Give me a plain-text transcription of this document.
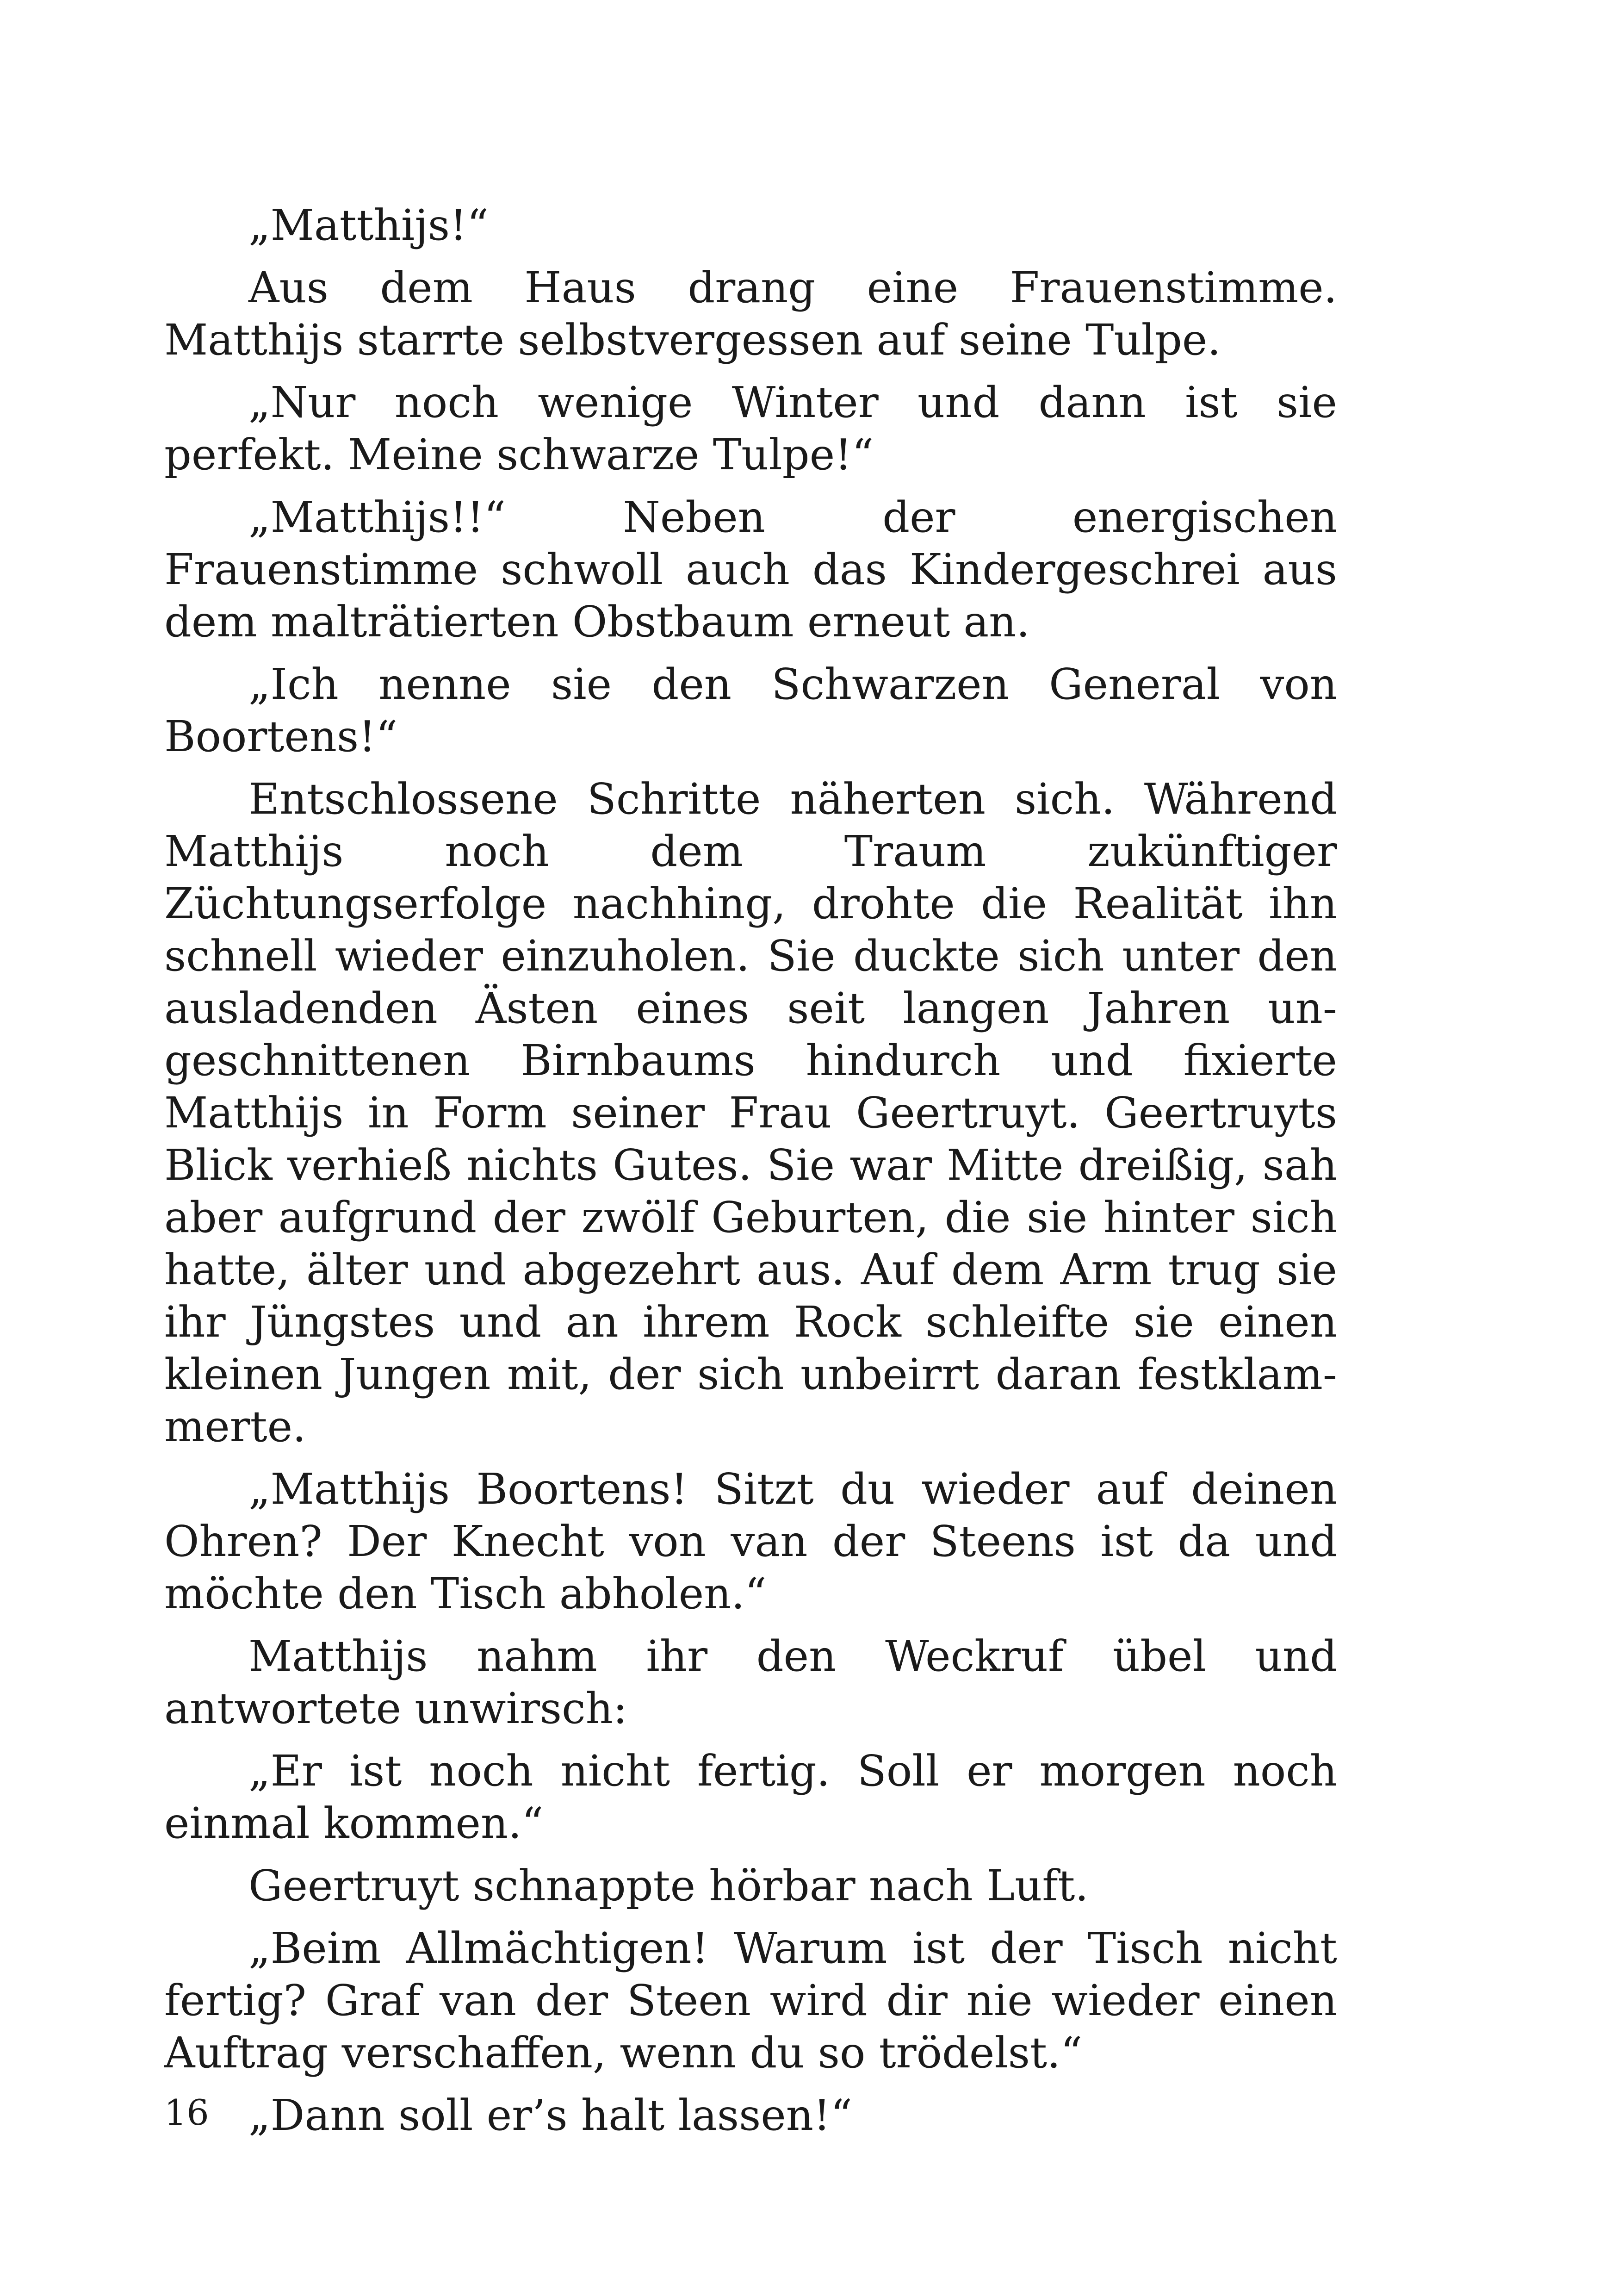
„Matthijs!“

Aus dem Haus drang eine Frauenstimme. Matthijs starrte selbstvergessen auf seine Tulpe.

„Nur noch wenige Winter und dann ist sie perfekt. Meine schwarze Tulpe!“

„Matthijs!!“ Neben der energischen Frauenstimme schwoll auch das Kindergeschrei aus dem malträtierten Obstbaum erneut an.

„Ich nenne sie den Schwarzen General von Boortens!“

Entschlossene Schritte näherten sich. Während Matthijs noch dem Traum zukünftiger Züchtungserfolge nachhing, drohte die Realität ihn schnell wieder einzuholen. Sie duckte sich unter den ausladenden Ästen eines seit langen Jahren ungeschnittenen Birnbaums hindurch und fixierte Matthijs in Form seiner Frau Geertruyt. Geertruyts Blick verhieß nichts Gutes. Sie war Mitte dreißig, sah aber aufgrund der zwölf Geburten, die sie hinter sich hatte, älter und abgezehrt aus. Auf dem Arm trug sie ihr Jüngstes und an ihrem Rock schleifte sie einen kleinen Jungen mit, der sich unbeirrt daran festklammerte.

„Matthijs Boortens! Sitzt du wieder auf deinen Ohren? Der Knecht von van der Steens ist da und möchte den Tisch abholen.“

Matthijs nahm ihr den Weckruf übel und antwortete unwirsch:

„Er ist noch nicht fertig. Soll er morgen noch einmal kommen.“

Geertruyt schnappte hörbar nach Luft.

„Beim Allmächtigen! Warum ist der Tisch nicht fertig? Graf van der Steen wird dir nie wieder einen Auftrag verschaffen, wenn du so trödelst.“

„Dann soll er’s halt lassen!“

16
